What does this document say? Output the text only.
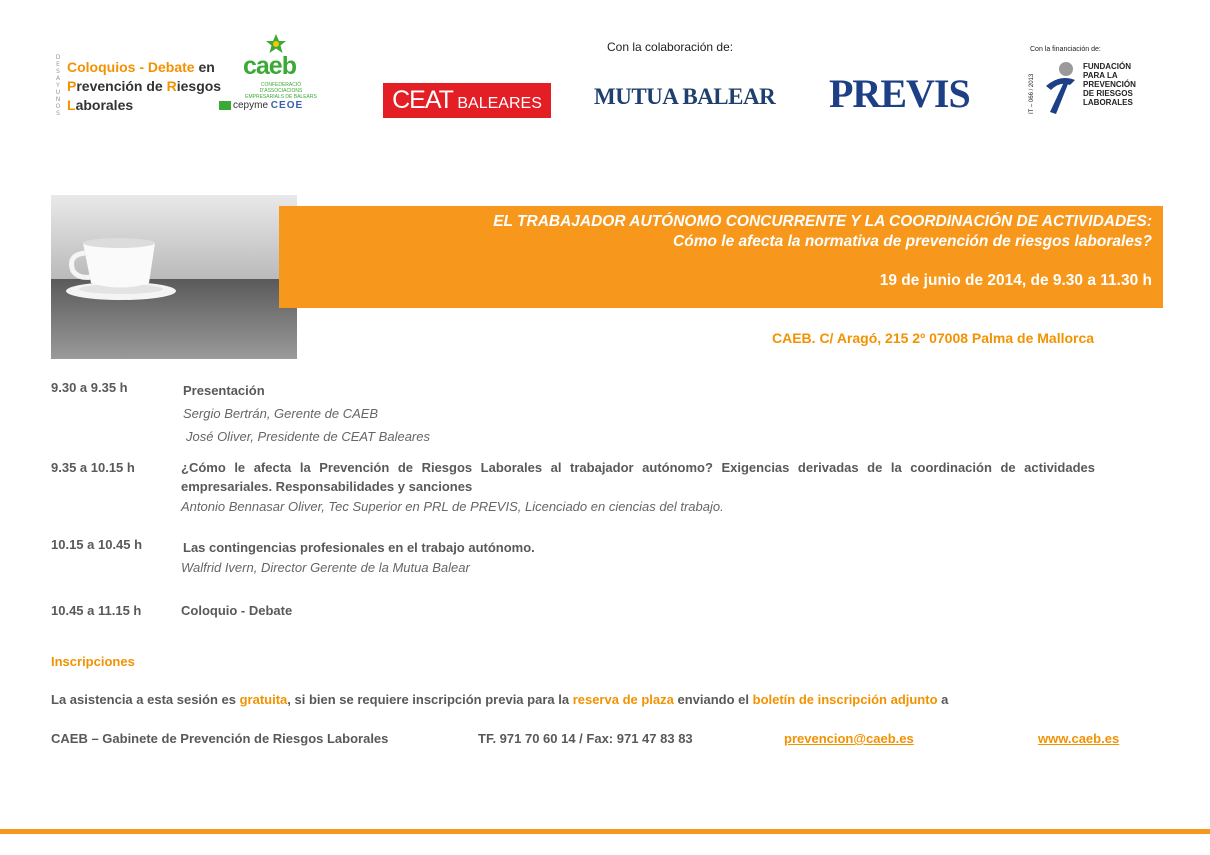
D
E
S
A
Y
U
N
O
S
Coloquios - Debate en
Prevención de Riesgos
Laborales
caeb
CONFEDERACIÓ D'ASSOCIACIONS EMPRESARIALS DE BALEARS
cepyme CEOE	CEAT BALEARES
Con la colaboración de:
MUTUA BALEAR PREVIS
Con la financiación de:
IT – 066 / 2013
FUNDACIÓN
PARA LA
PREVENCIÓN
DE RIESGOS
LABORALES
EL TRABAJADOR AUTÓNOMO CONCURRENTE Y LA COORDINACIÓN DE ACTIVIDADES:
Cómo le afecta la normativa de prevención de riesgos laborales?
19 de junio de 2014, de 9.30 a 11.30 h
CAEB. C/ Aragó, 215 2º 07008 Palma de Mallorca
9.30 a 9.35 h	Presentación
Sergio Bertrán, Gerente de CAEB
José Oliver, Presidente de CEAT Baleares
9.35 a 10.15 h	¿Cómo le afecta la Prevención de Riesgos Laborales al trabajador autónomo? Exigencias derivadas de la coordinación de actividades
empresariales. Responsabilidades y sanciones
Antonio Bennasar Oliver, Tec Superior en PRL de PREVIS, Licenciado en ciencias del trabajo.
10.15 a 10.45 h	Las contingencias profesionales en el trabajo autónomo.
Walfrid Ivern, Director Gerente de la Mutua Balear
10.45 a 11.15 h	Coloquio - Debate
Inscripciones
La asistencia a esta sesión es gratuita, si bien se requiere inscripción previa para la reserva de plaza enviando el boletín de inscripción adjunto a
CAEB – Gabinete de Prevención de Riesgos Laborales	TF. 971 70 60 14 / Fax: 971 47 83 83	prevencion@caeb.es	www.caeb.es
